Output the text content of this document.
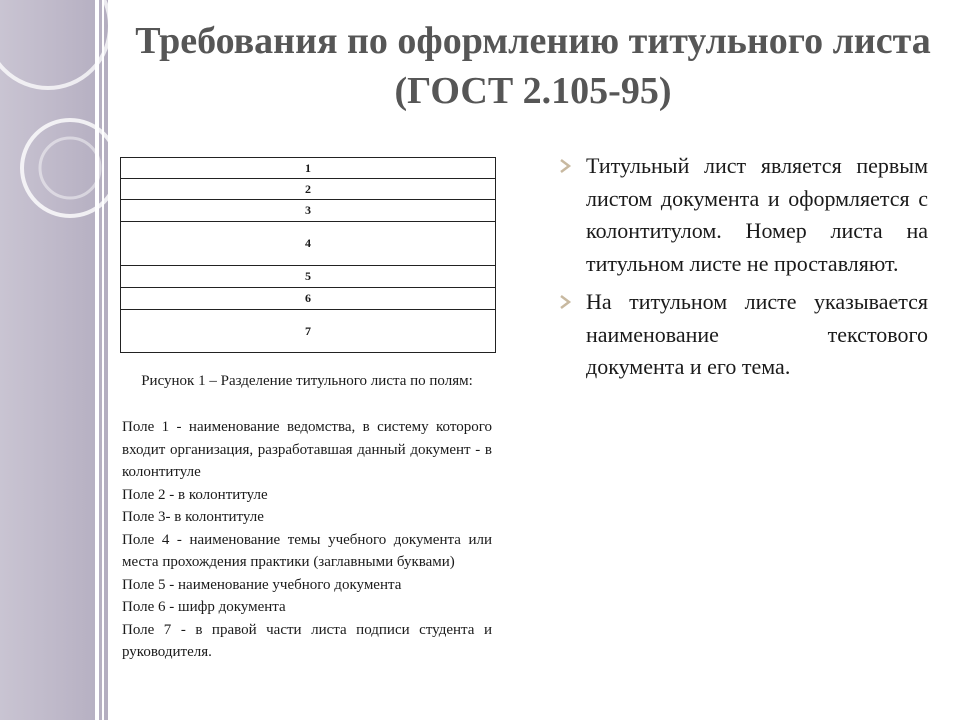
Требования по оформлению титульного листа (ГОСТ 2.105-95)
1
2
3
4
5
6
7
Рисунок 1 – Разделение титульного листа по полям:

Поле 1 - наименование ведомства, в систему которого входит организация, разработавшая данный документ - в колонтитуле

Поле 2 - в колонтитуле

Поле 3- в колонтитуле

Поле 4 - наименование темы учебного документа или места прохождения практики (заглавными буквами)

Поле 5 - наименование учебного документа

Поле 6 - шифр документа

Поле 7 - в правой части листа подписи студента и руководителя.

Титульный лист является первым листом документа и оформляется с колонтитулом. Номер листа на титульном листе не проставляют.
На титульном листе указывается наименование текстового документа и его тема.
